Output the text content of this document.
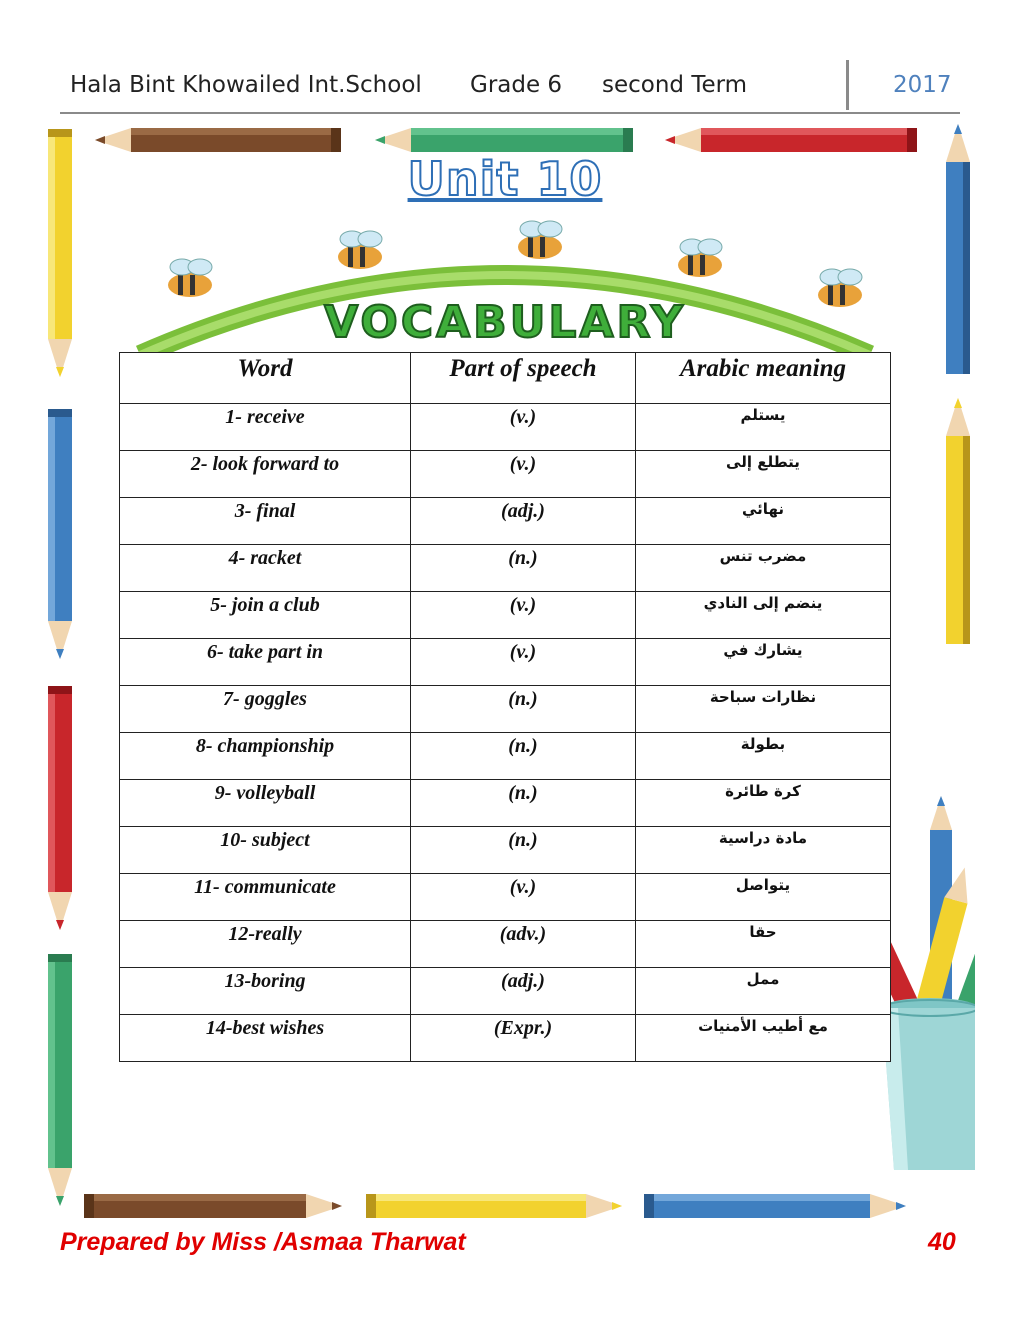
Hala Bint Khowailed Int.School Grade 6 second Term	2017
Unit 10
VOCABULARY
Word	Part of speech	Arabic meaning
1- receive	(v.)	يستلم
2- look forward to	(v.)	يتطلع إلى
3- final	(adj.)	نهائي
4- racket	(n.)	مضرب تنس
5- join a club	(v.)	ينضم إلى النادي
6- take part in	(v.)	يشارك في
7- goggles	(n.)	نظارات سباحة
8- championship	(n.)	بطولة
9- volleyball	(n.)	كرة طائرة
10- subject	(n.)	مادة دراسية
11- communicate	(v.)	يتواصل
12-really	(adv.)	حقا
13-boring	(adj.)	ممل
14-best wishes	(Expr.)	مع أطيب الأمنيات
Prepared by Miss /Asmaa Tharwat	40
